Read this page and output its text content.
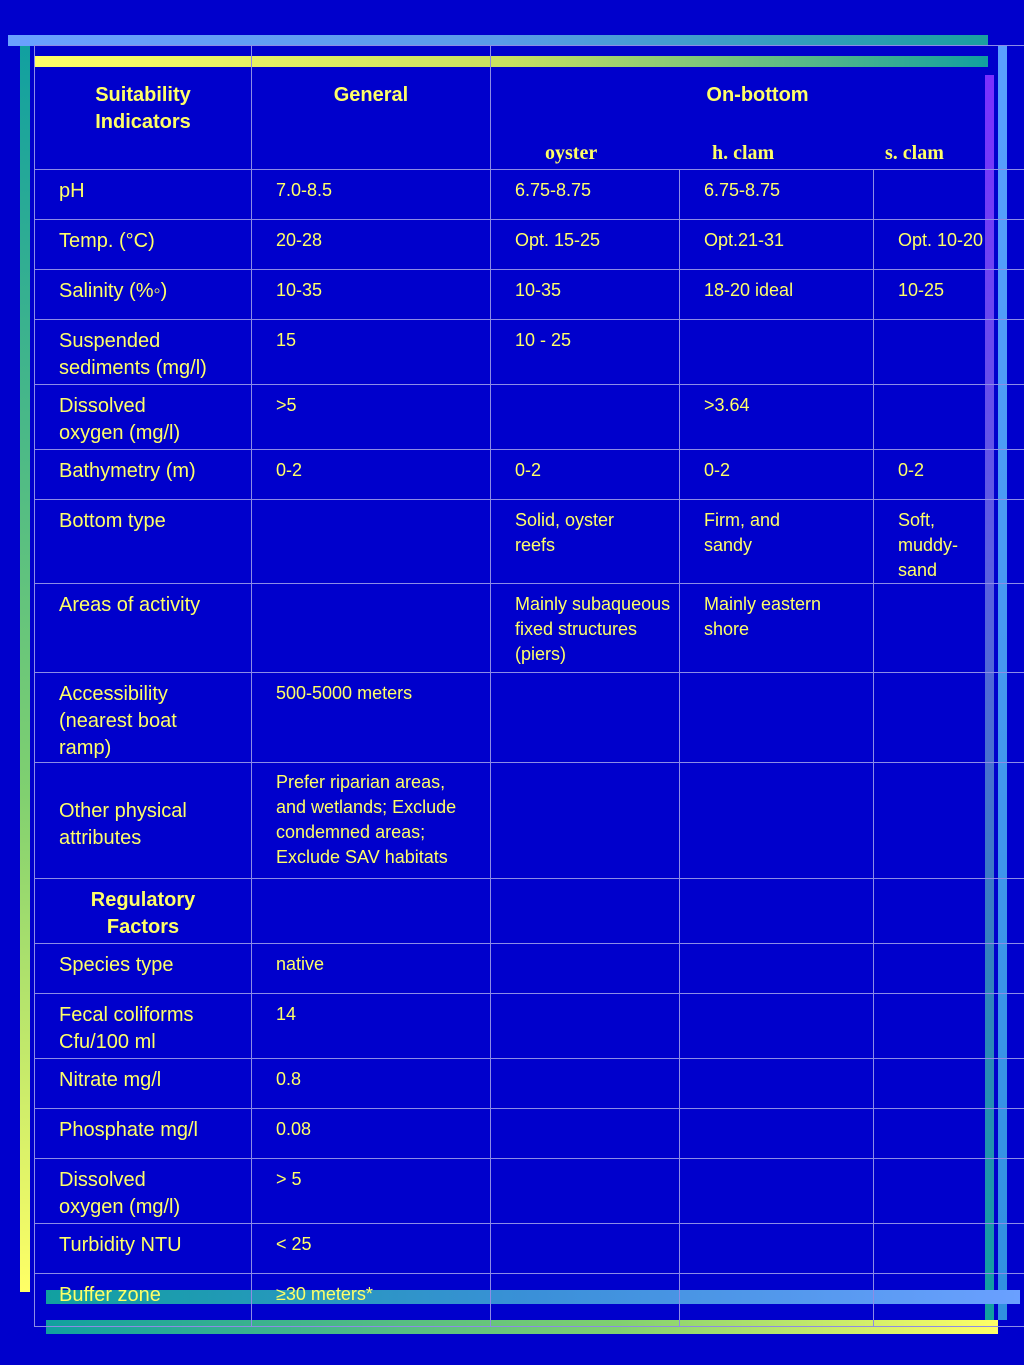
Suitability Indicators	General	On-bottom
oyster h. clam s. clam		

pH	7.0-8.5	6.75-8.75	6.75-8.75	

Temp. (°C)	20-28	Opt. 15-25	Opt.21-31	Opt. 10-20

Salinity (%◦)	10-35	10-35	18-20 ideal	10-25

Suspended sediments (mg/l)	15	10 - 25		

Dissolved oxygen (mg/l)	>5		>3.64	

Bathymetry (m)	0-2	0-2	0-2	0-2

Bottom type		Solid, oyster reefs	Firm, and sandy	Soft, muddy-sand

Areas of activity		Mainly subaqueous fixed structures (piers)	Mainly eastern shore	

Accessibility (nearest boat ramp)	500-5000 meters			

Other physical attributes	Prefer riparian areas, and wetlands; Exclude condemned areas; Exclude SAV habitats			

Regulatory Factors				

Species type	native			

Fecal coliforms Cfu/100 ml	14			

Nitrate mg/l	0.8			

Phosphate mg/l	0.08			

Dissolved oxygen (mg/l)	> 5			

Turbidity NTU	< 25			

Buffer zone	≥30 meters*			
